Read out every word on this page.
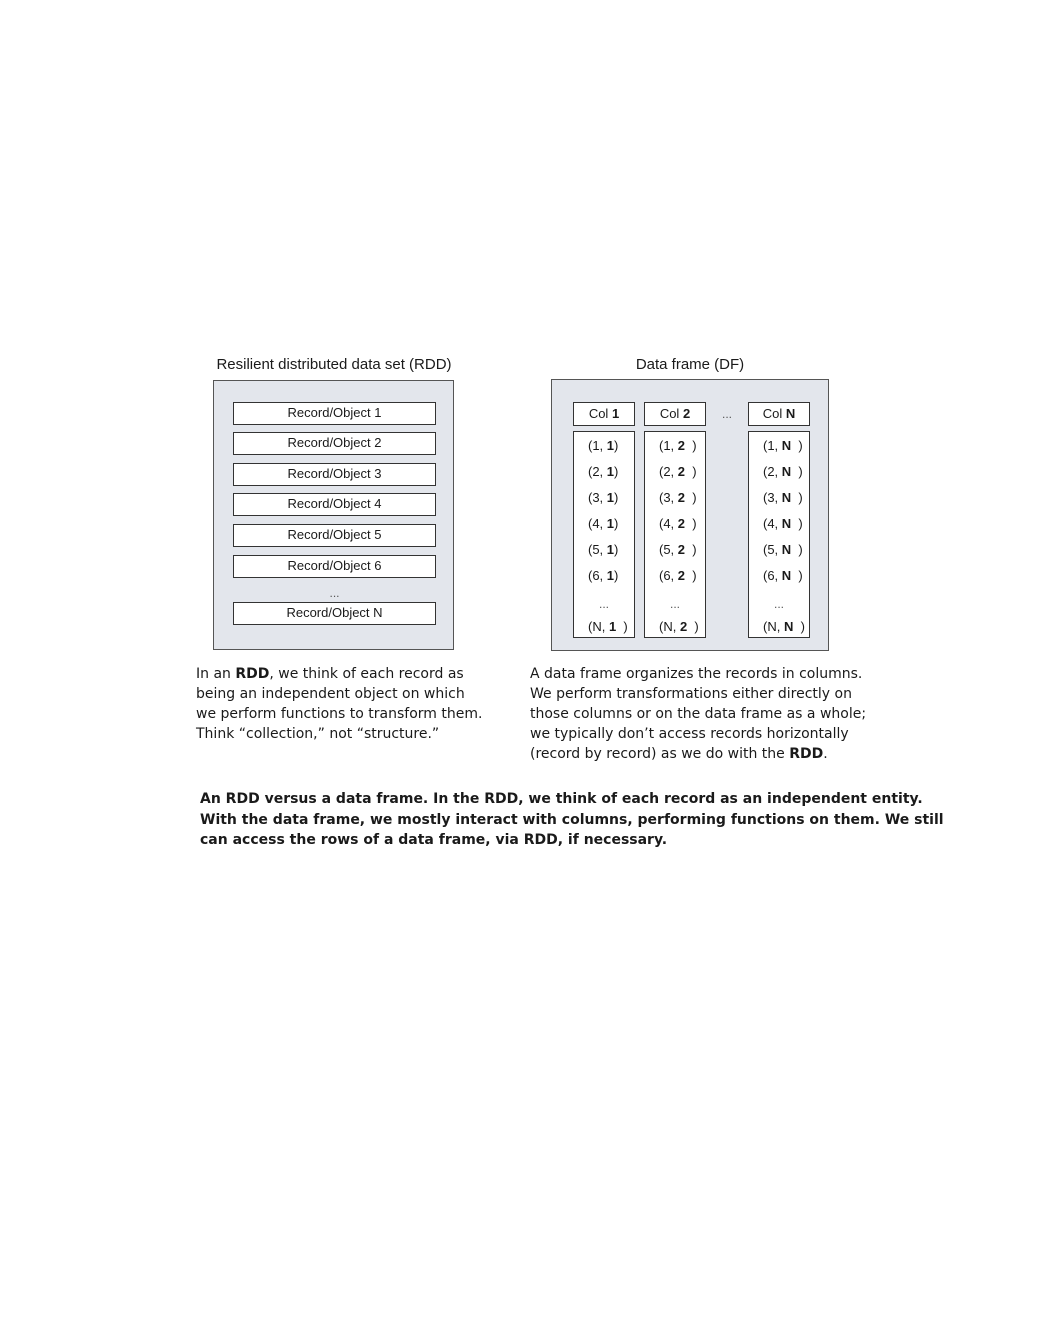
Resilient distributed data set (RDD)
Record/Object 1
Record/Object 2
Record/Object 3
Record/Object 4
Record/Object 5
Record/Object 6
...
Record/Object N
Data frame (DF)
Col 1
(1, 1)
(2, 1)
(3, 1)
(4, 1)
(5, 1)
(6, 1)
...
(N, 1  )
Col 2
(1, 2  )
(2, 2  )
(3, 2  )
(4, 2  )
(5, 2  )
(6, 2  )
...
(N, 2  )
Col N
(1, N  )
(2, N  )
(3, N  )
(4, N  )
(5, N  )
(6, N  )
...
(N, N  )
...
In an RDD, we think of each record as
being an independent object on which
we perform functions to transform them.
Think “collection,” not “structure.”
A data frame organizes the records in columns.
We perform transformations either directly on
those columns or on the data frame as a whole;
we typically don’t access records horizontally
(record by record) as we do with the RDD.
An RDD versus a data frame. In the RDD, we think of each record as an independent entity.
With the data frame, we mostly interact with columns, performing functions on them. We still
can access the rows of a data frame, via RDD, if necessary.
